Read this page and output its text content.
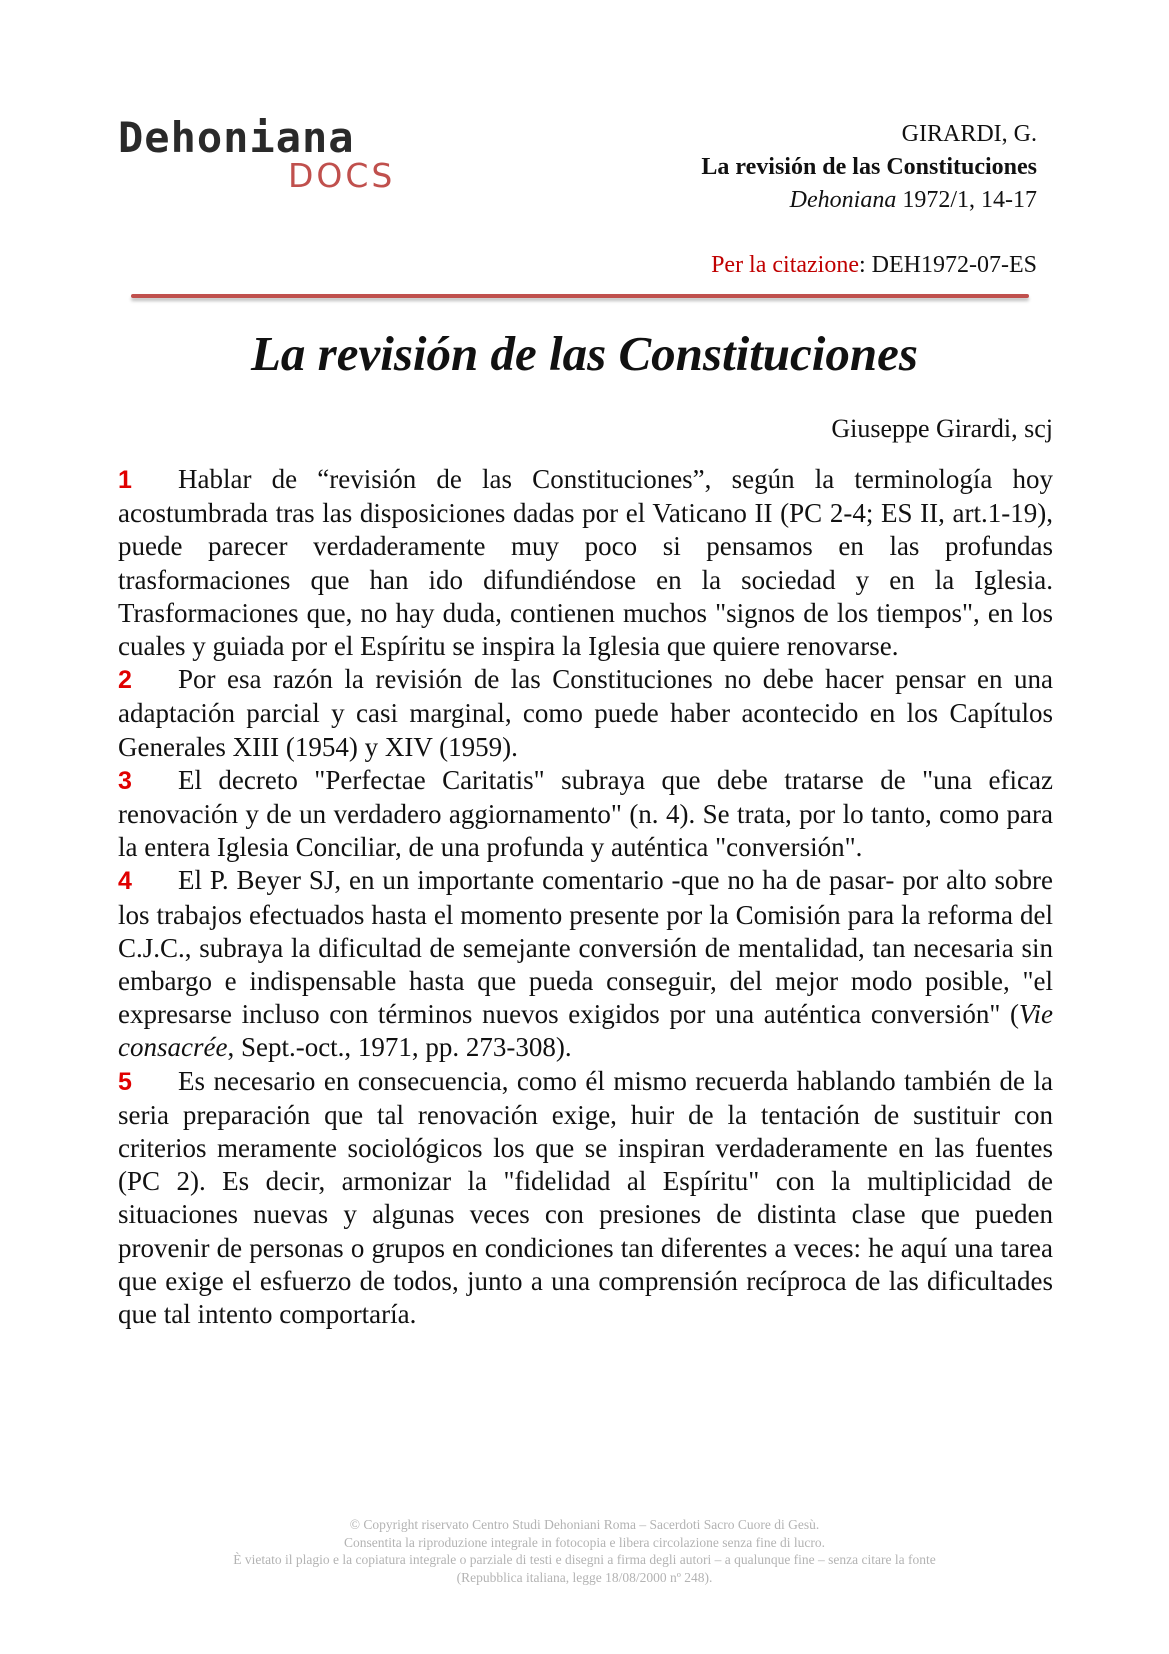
Dehoniana
DOCS
GIRARDI, G.
La revisión de las Constituciones
Dehoniana 1972/1, 14-17
Per la citazione: DEH1972-07-ES
La revisión de las Constituciones
Giuseppe Girardi, scj

1 Hablar de “revisión de las Constituciones”, según la terminología hoy acostumbrada tras las disposiciones dadas por el Vaticano II (PC 2-4; ES II, art.1-19), puede parecer verdaderamente muy poco si pensamos en las profundas trasformaciones que han ido difundiéndose en la sociedad y en la Iglesia. Trasformaciones que, no hay duda, contienen muchos "signos de los tiempos", en los cuales y guiada por el Espíritu se inspira la Iglesia que quiere renovarse.

2 Por esa razón la revisión de las Constituciones no debe hacer pensar en una adaptación parcial y casi marginal, como puede haber acontecido en los Capítulos Generales XIII (1954) y XIV (1959).

3 El decreto "Perfectae Caritatis" subraya que debe tratarse de "una eficaz renovación y de un verdadero aggiornamento" (n. 4). Se trata, por lo tanto, como para la entera Iglesia Conciliar, de una profunda y auténtica "conversión".

4 El P. Beyer SJ, en un importante comentario -que no ha de pasar- por alto sobre los trabajos efectuados hasta el momento presente por la Comisión para la reforma del C.J.C., subraya la dificultad de semejante conversión de mentalidad, tan necesaria sin embargo e indispensable hasta que pueda conseguir, del mejor modo posible, "el expresarse incluso con términos nuevos exigidos por una auténtica conversión" (Vie consacrée, Sept.-oct., 1971, pp. 273-308).

5 Es necesario en consecuencia, como él mismo recuerda hablando también de la seria preparación que tal renovación exige, huir de la tentación de sustituir con criterios meramente sociológicos los que se inspiran verdaderamente en las fuentes (PC 2). Es decir, armonizar la "fidelidad al Espíritu" con la multiplicidad de situaciones nuevas y algunas veces con presiones de distinta clase que pueden provenir de personas o grupos en condiciones tan diferentes a veces: he aquí una tarea que exige el esfuerzo de todos, junto a una comprensión recíproca de las dificultades que tal intento comportaría.

© Copyright riservato Centro Studi Dehoniani Roma – Sacerdoti Sacro Cuore di Gesù.
Consentita la riproduzione integrale in fotocopia e libera circolazione senza fine di lucro.
È vietato il plagio e la copiatura integrale o parziale di testi e disegni a firma degli autori – a qualunque fine – senza citare la fonte
(Repubblica italiana, legge 18/08/2000 nº 248).
